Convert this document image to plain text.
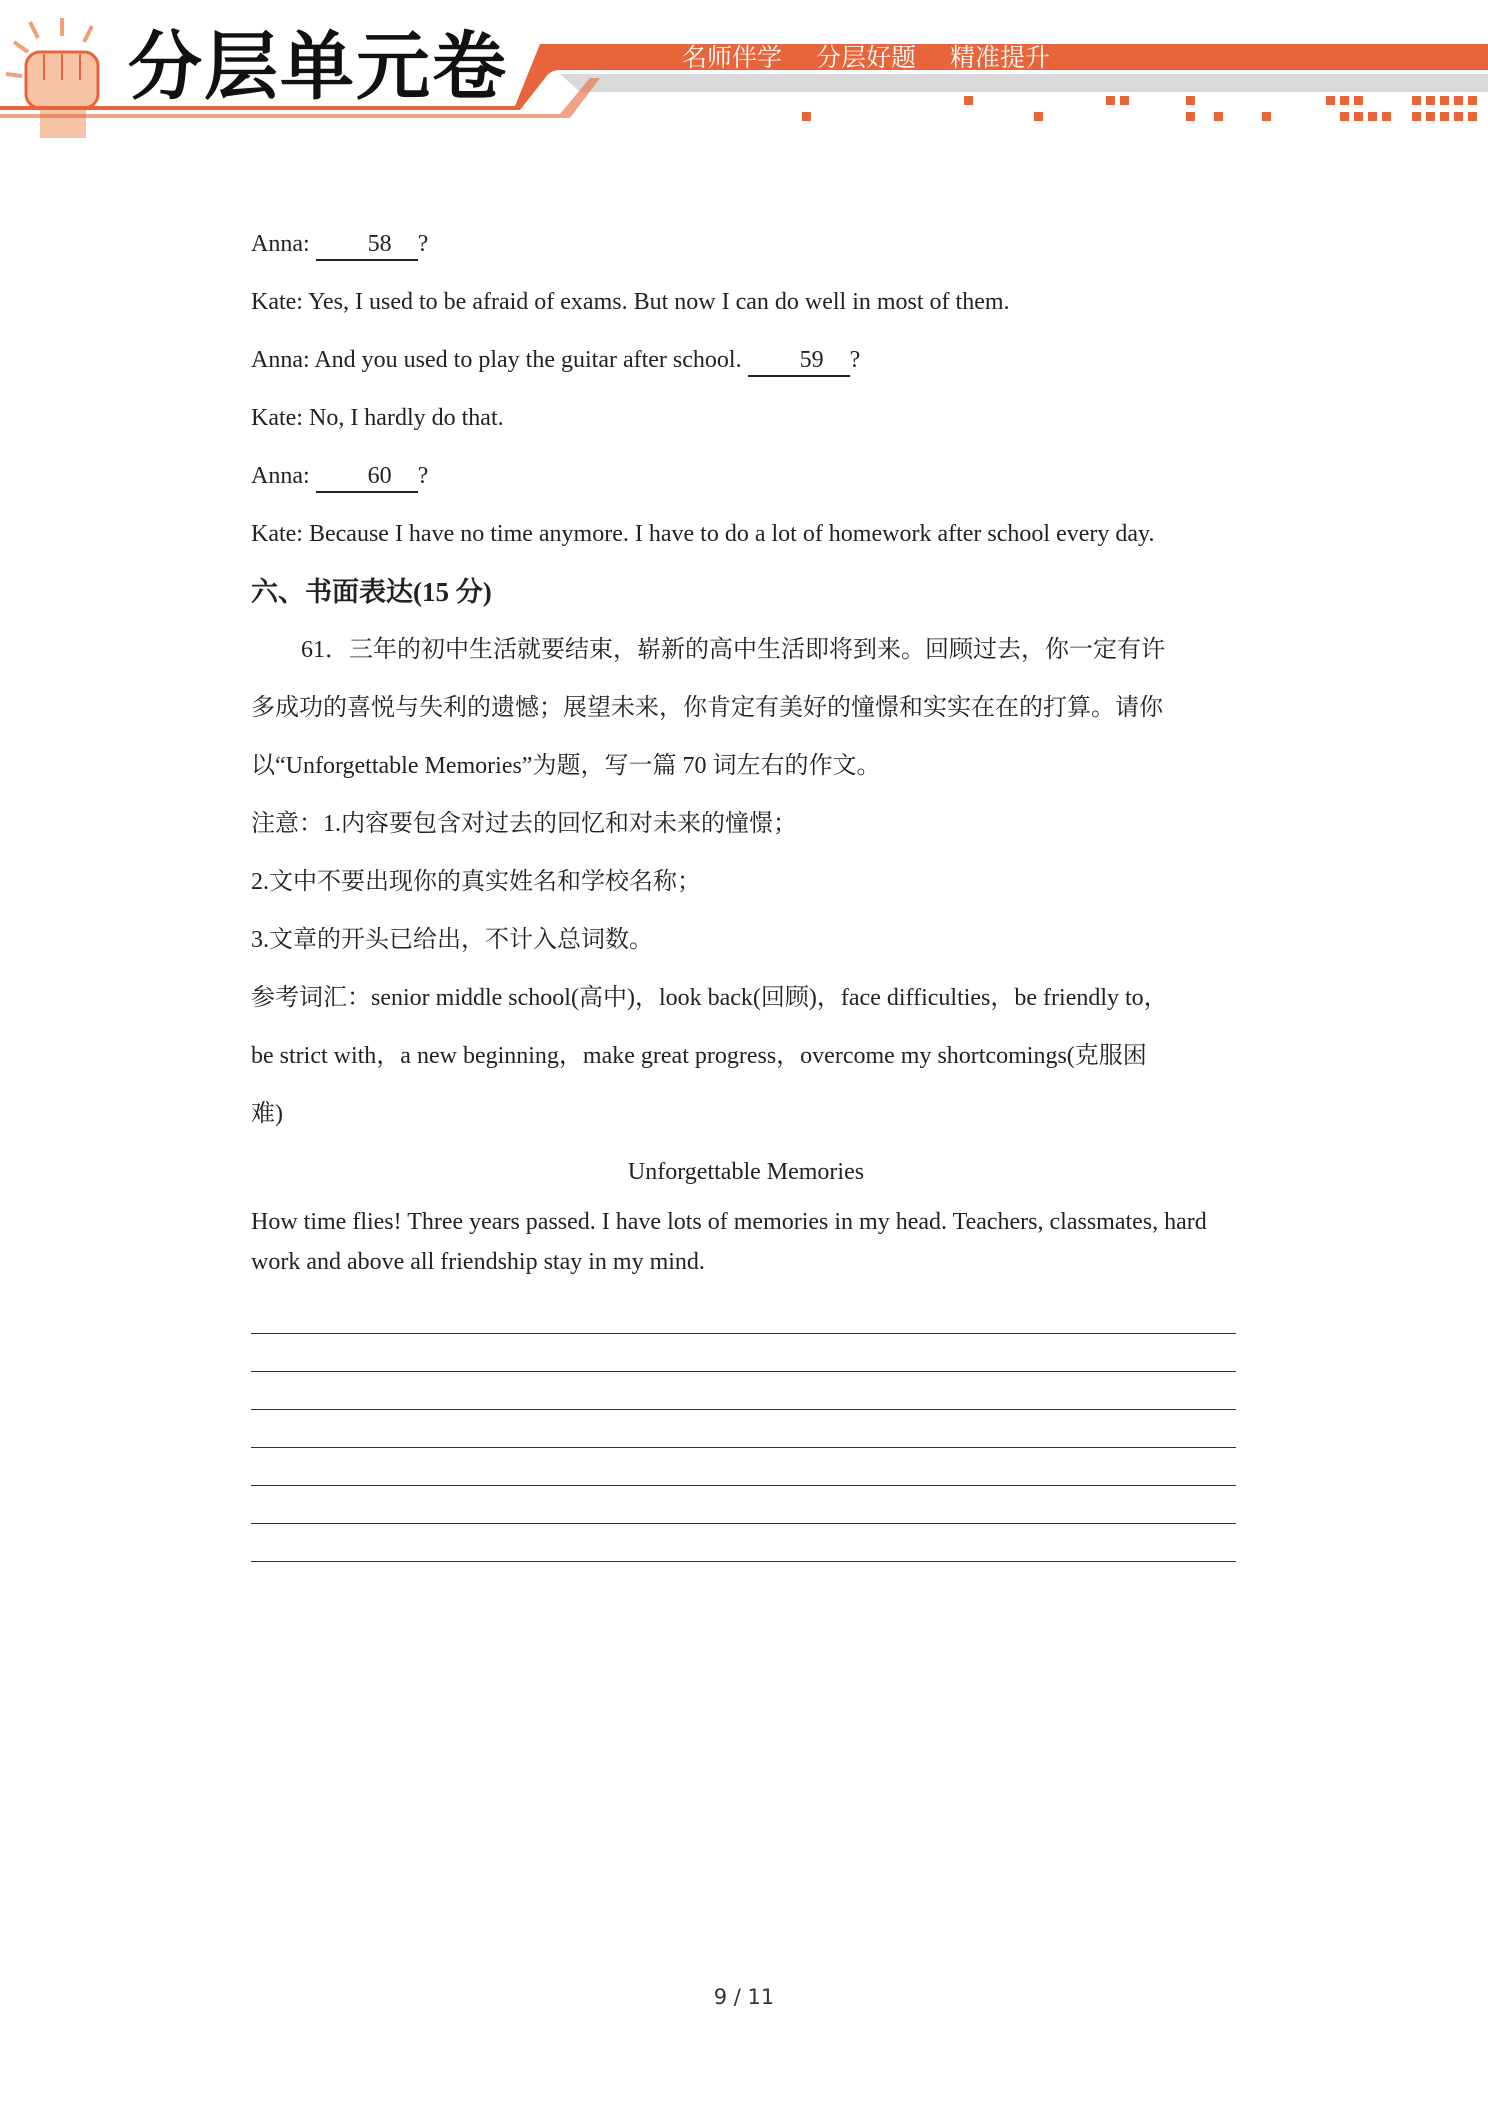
分层单元卷	名师伴学 分层好题 精准提升
Anna: 58 ?
Kate: Yes, I used to be afraid of exams. But now I can do well in most of them.
Anna: And you used to play the guitar after school. 59 ?
Kate: No, I hardly do that.
Anna: 60 ?
Kate: Because I have no time anymore. I have to do a lot of homework after school every day.
六、书面表达(15 分)
61．三年的初中生活就要结束，崭新的高中生活即将到来。回顾过去，你一定有许
多成功的喜悦与失利的遗憾；展望未来，你肯定有美好的憧憬和实实在在的打算。请你
以“Unforgettable Memories”为题，写一篇 70 词左右的作文。
注意：1.内容要包含对过去的回忆和对未来的憧憬；
2.文中不要出现你的真实姓名和学校名称；
3.文章的开头已给出，不计入总词数。
参考词汇：senior middle school(高中)，look back(回顾)，face difficulties，be friendly to，
be strict with，a new beginning，make great progress，overcome my shortcomings(克服困
难)
Unforgettable Memories
How time flies! Three years passed. I have lots of memories in my head. Teachers, classmates, hard work and above all friendship stay in my mind.
9 / 11
